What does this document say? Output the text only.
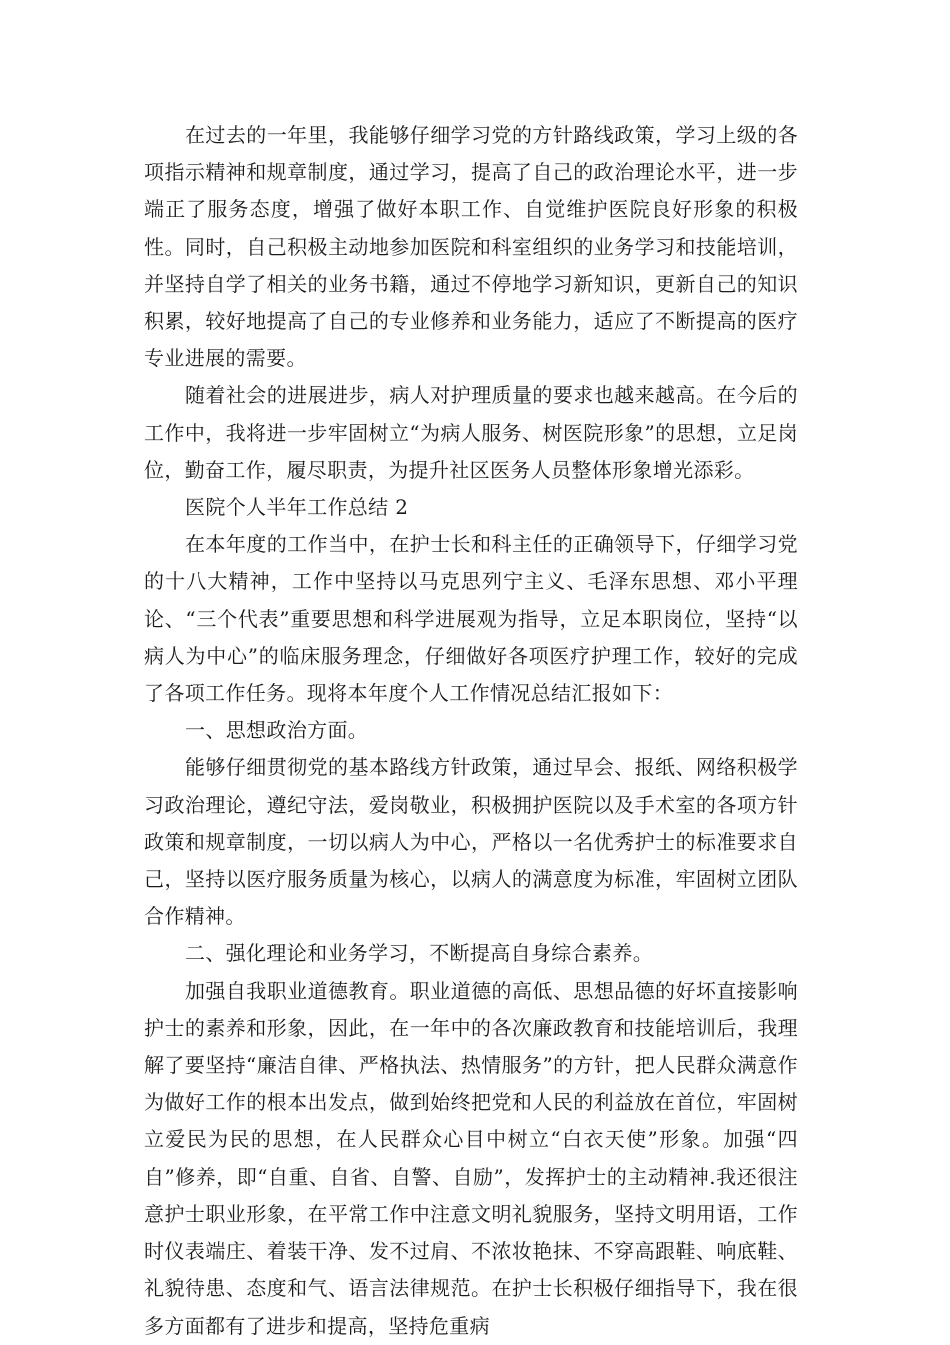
在过去的一年里，我能够仔细学习党的方针路线政策，学习上级的各项指示精神和规章制度，通过学习，提高了自己的政治理论水平，进一步端正了服务态度，增强了做好本职工作、自觉维护医院良好形象的积极性。同时，自己积极主动地参加医院和科室组织的业务学习和技能培训，并坚持自学了相关的业务书籍，通过不停地学习新知识，更新自己的知识积累，较好地提高了自己的专业修养和业务能力，适应了不断提高的医疗专业进展的需要。

随着社会的进展进步，病人对护理质量的要求也越来越高。在今后的工作中，我将进一步牢固树立“为病人服务、树医院形象”的思想，立足岗位，勤奋工作，履尽职责，为提升社区医务人员整体形象增光添彩。

医院个人半年工作总结 2

在本年度的工作当中，在护士长和科主任的正确领导下，仔细学习党的十八大精神，工作中坚持以马克思列宁主义、毛泽东思想、邓小平理论、“三个代表”重要思想和科学进展观为指导，立足本职岗位，坚持“以病人为中心”的临床服务理念，仔细做好各项医疗护理工作，较好的完成了各项工作任务。现将本年度个人工作情况总结汇报如下：

一、思想政治方面。

能够仔细贯彻党的基本路线方针政策，通过早会、报纸、网络积极学习政治理论，遵纪守法，爱岗敬业，积极拥护医院以及手术室的各项方针政策和规章制度，一切以病人为中心，严格以一名优秀护士的标准要求自己，坚持以医疗服务质量为核心，以病人的满意度为标准，牢固树立团队合作精神。

二、强化理论和业务学习，不断提高自身综合素养。

加强自我职业道德教育。职业道德的高低、思想品德的好坏直接影响护士的素养和形象，因此，在一年中的各次廉政教育和技能培训后，我理解了要坚持“廉洁自律、严格执法、热情服务”的方针，把人民群众满意作为做好工作的根本出发点，做到始终把党和人民的利益放在首位，牢固树立爱民为民的思想，在人民群众心目中树立“白衣天使”形象。加强“四自”修养，即“自重、自省、自警、自励”，发挥护士的主动精神.我还很注意护士职业形象，在平常工作中注意文明礼貌服务，坚持文明用语，工作时仪表端庄、着装干净、发不过肩、不浓妆艳抹、不穿高跟鞋、响底鞋、礼貌待患、态度和气、语言法律规范。在护士长积极仔细指导下，我在很多方面都有了进步和提高，坚持危重病
